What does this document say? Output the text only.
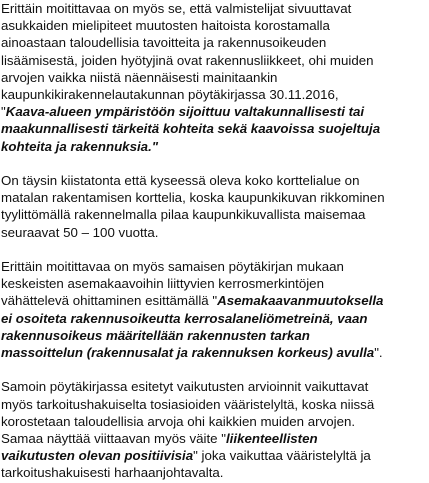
Erittäin moitittavaa on myös se, että valmistelijat sivuuttavat
asukkaiden mielipiteet muutosten haitoista korostamalla
ainoastaan taloudellisia tavoitteita ja rakennusoikeuden
lisäämisestä, joiden hyötyjinä ovat rakennusliikkeet, ohi muiden
arvojen vaikka niistä näennäisesti mainitaankin
kaupunkikirakennelautakunnan pöytäkirjassa 30.11.2016,
"Kaava-alueen ympäristöön sijoittuu valtakunnallisesti tai
maakunnallisesti tärkeitä kohteita sekä kaavoissa suojeltuja
kohteita ja rakennuksia."

On täysin kiistatonta että kyseessä oleva koko korttelialue on
matalan rakentamisen korttelia, koska kaupunkikuvan rikkominen
tyylittömällä rakennelmalla pilaa kaupunkikuvallista maisemaa
seuraavat 50 – 100 vuotta.

Erittäin moitittavaa on myös samaisen pöytäkirjan mukaan
keskeisten asemakaavoihin liittyvien kerrosmerkintöjen
vähättelevä ohittaminen esittämällä "Asemakaavanmuutoksella
ei osoiteta rakennusoikeutta kerrosalaneliömetreinä, vaan
rakennusoikeus määritellään rakennusten tarkan
massoittelun (rakennusalat ja rakennuksen korkeus) avulla".

Samoin pöytäkirjassa esitetyt vaikutusten arvioinnit vaikuttavat
myös tarkoitushakuiselta tosiasioiden vääristelyltä, koska niissä
korostetaan taloudellisia arvoja ohi kaikkien muiden arvojen.
Samaa näyttää viittaavan myös väite "liikenteellisten
vaikutusten olevan positiivisia" joka vaikuttaa vääristelyltä ja
tarkoitushakuisesti harhaanjohtavalta.
